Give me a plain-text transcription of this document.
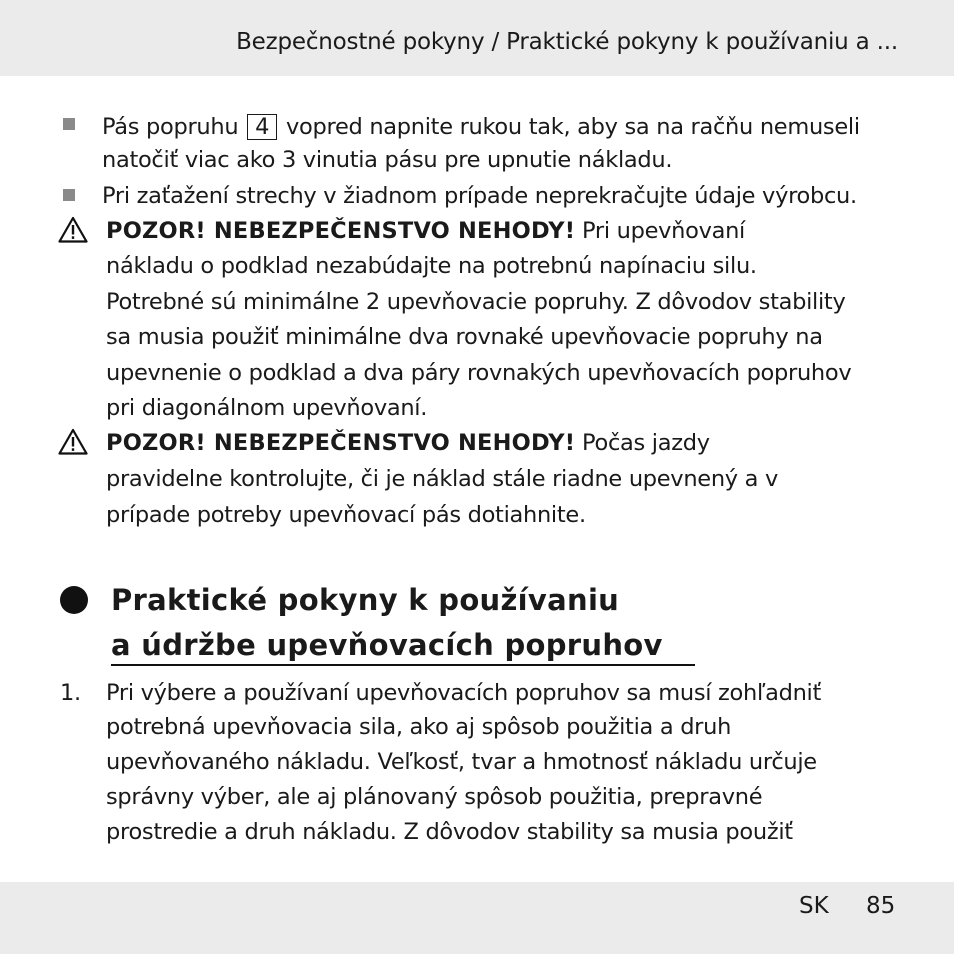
Bezpečnostné pokyny / Praktické pokyny k používaniu a ...
Pás popruhu 4 vopred napnite rukou tak, aby sa na račňu nemuseli
natočiť viac ako 3 vinutia pásu pre upnutie nákladu.
Pri zaťažení strechy v žiadnom prípade neprekračujte údaje výrobcu.
POZOR! NEBEZPEČENSTVO NEHODY! Pri upevňovaní
nákladu o podklad nezabúdajte na potrebnú napínaciu silu.
Potrebné sú minimálne 2 upevňovacie popruhy. Z dôvodov stability
sa musia použiť minimálne dva rovnaké upevňovacie popruhy na
upevnenie o podklad a dva páry rovnakých upevňovacích popruhov
pri diagonálnom upevňovaní.
POZOR! NEBEZPEČENSTVO NEHODY! Počas jazdy
pravidelne kontrolujte, či je náklad stále riadne upevnený a v
prípade potreby upevňovací pás dotiahnite.
Praktické pokyny k používaniu
a údržbe upevňovacích popruhov
1. Pri výbere a používaní upevňovacích popruhov sa musí zohľadniť
potrebná upevňovacia sila, ako aj spôsob použitia a druh
upevňovaného nákladu. Veľkosť, tvar a hmotnosť nákladu určuje
správny výber, ale aj plánovaný spôsob použitia, prepravné
prostredie a druh nákladu. Z dôvodov stability sa musia použiť
SK 85
